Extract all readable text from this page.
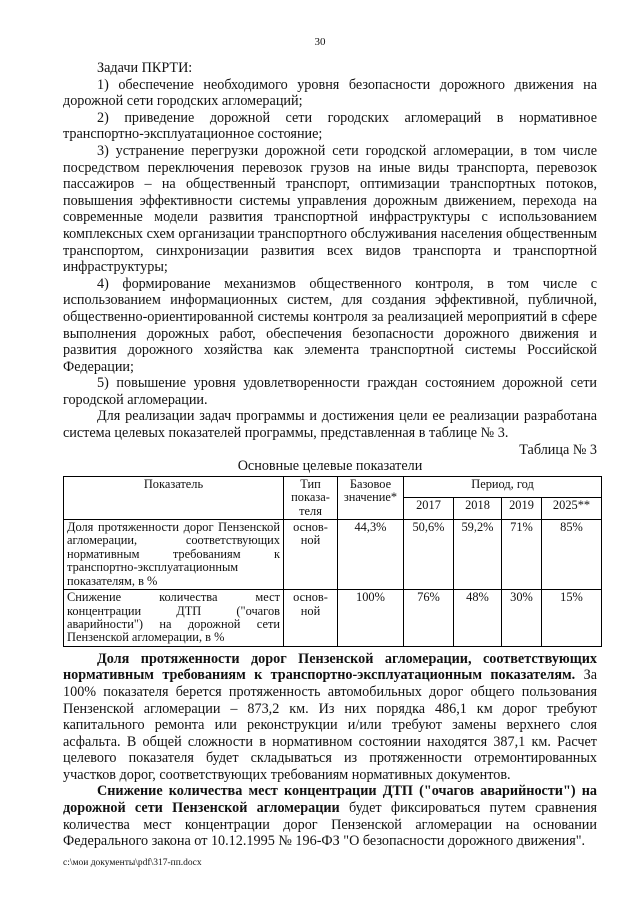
30

Задачи ПКРТИ:

1) обеспечение необходимого уровня безопасности дорожного движения на дорожной сети городских агломераций;

2) приведение дорожной сети городских агломераций в нормативное транспортно-эксплуатационное состояние;

3) устранение перегрузки дорожной сети городской агломерации, в том числе посредством переключения перевозок грузов на иные виды транспорта, перевозок пассажиров – на общественный транспорт, оптимизации транспортных потоков, повышения эффективности системы управления дорожным движением, перехода на современные модели развития транспортной инфраструктуры с использованием комплексных схем организации транспортного обслуживания населения общественным транспортом, синхронизации развития всех видов транспорта и транспортной инфраструктуры;

4) формирование механизмов общественного контроля, в том числе с использованием информационных систем, для создания эффективной, публичной, общественно-ориентированной системы контроля за реализацией мероприятий в сфере выполнения дорожных работ, обеспечения безопасности дорожного движения и развития дорожного хозяйства как элемента транспортной системы Российской Федерации;

5) повышение уровня удовлетворенности граждан состоянием дорожной сети городской агломерации.

Для реализации задач программы и достижения цели ее реализации разработана система целевых показателей программы, представленная в таблице № 3.

Таблица № 3

Основные целевые показатели

Показатель	Тип показа-теля	Базовое значение*	Период, год			
			2017	2018	2019	2025**
Доля протяженности дорог Пензенской агломерации, соответствующих нормативным требованиям к транспортно-эксплуатационным показателям, в %	основ-ной	44,3%	50,6%	59,2%	71%	85%
Снижение количества мест концентрации ДТП ("очагов аварийности") на дорожной сети Пензенской агломерации, в %	основ-ной	100%	76%	48%	30%	15%

Доля протяженности дорог Пензенской агломерации, соответствующих нормативным требованиям к транспортно-эксплуатационным показателям. За 100% показателя берется протяженность автомобильных дорог общего пользования Пензенской агломерации – 873,2 км. Из них порядка 486,1 км дорог требуют капитального ремонта или реконструкции и/или требуют замены верхнего слоя асфальта. В общей сложности в нормативном состоянии находятся 387,1 км. Расчет целевого показателя будет складываться из протяженности отремонтированных участков дорог, соответствующих требованиям нормативных документов.

Снижение количества мест концентрации ДТП ("очагов аварийности") на дорожной сети Пензенской агломерации будет фиксироваться путем сравнения количества мест концентрации дорог Пензенской агломерации на основании Федерального закона от 10.12.1995 № 196-ФЗ "О безопасности дорожного движения".

c:\мои документы\pdf\317-пп.docx
